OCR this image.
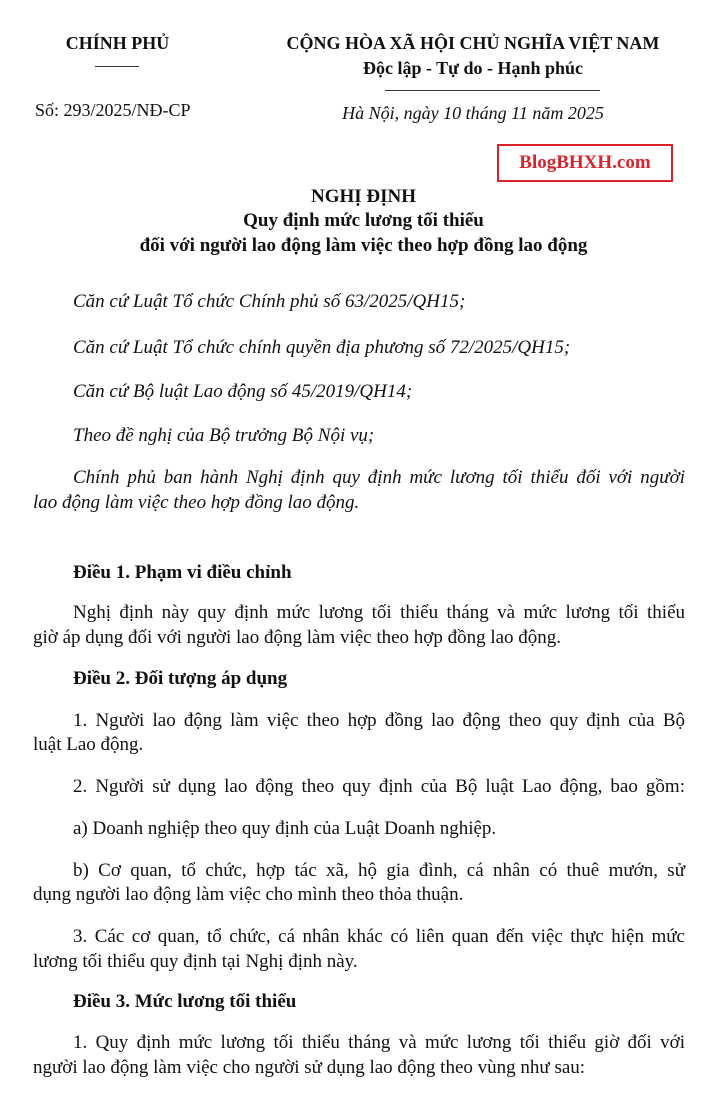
CHÍNH PHỦ
Số: 293/2025/NĐ-CP
CỘNG HÒA XÃ HỘI CHỦ NGHĨA VIỆT NAM
Độc lập - Tự do - Hạnh phúc
Hà Nội, ngày 10 tháng 11 năm 2025
BlogBHXH.com
NGHỊ ĐỊNH
Quy định mức lương tối thiểu
đối với người lao động làm việc theo hợp đồng lao động
Căn cứ Luật Tổ chức Chính phủ số 63/2025/QH15;
Căn cứ Luật Tổ chức chính quyền địa phương số 72/2025/QH15;
Căn cứ Bộ luật Lao động số 45/2019/QH14;
Theo đề nghị của Bộ trưởng Bộ Nội vụ;
Chính phủ ban hành Nghị định quy định mức lương tối thiểu đối với người
lao động làm việc theo hợp đồng lao động.
Điều 1. Phạm vi điều chỉnh
Nghị định này quy định mức lương tối thiểu tháng và mức lương tối thiểu
giờ áp dụng đối với người lao động làm việc theo hợp đồng lao động.
Điều 2. Đối tượng áp dụng
1. Người lao động làm việc theo hợp đồng lao động theo quy định của Bộ
luật Lao động.
2. Người sử dụng lao động theo quy định của Bộ luật Lao động, bao gồm:
a) Doanh nghiệp theo quy định của Luật Doanh nghiệp.
b) Cơ quan, tổ chức, hợp tác xã, hộ gia đình, cá nhân có thuê mướn, sử
dụng người lao động làm việc cho mình theo thỏa thuận.
3. Các cơ quan, tổ chức, cá nhân khác có liên quan đến việc thực hiện mức
lương tối thiểu quy định tại Nghị định này.
Điều 3. Mức lương tối thiểu
1. Quy định mức lương tối thiểu tháng và mức lương tối thiểu giờ đối với
người lao động làm việc cho người sử dụng lao động theo vùng như sau:
